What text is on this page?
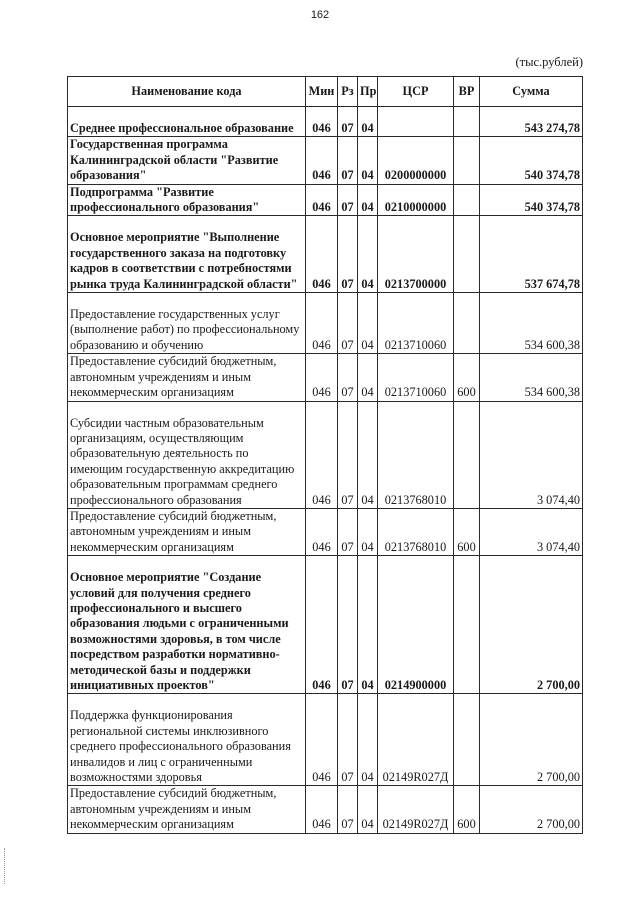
162
(тыс.рублей)
Наименование кода	Мин	Рз	Пр	ЦСР	ВР	Сумма
Среднее профессиональное образование	046	07	04			543 274,78
Государственная программа Калининградской области "Развитие образования"	046	07	04	0200000000		540 374,78
Подпрограмма "Развитие профессионального образования"	046	07	04	0210000000		540 374,78
Основное мероприятие "Выполнение государственного заказа на подготовку кадров в соответствии с потребностями рынка труда Калининградской области"	046	07	04	0213700000		537 674,78
Предоставление государственных услуг (выполнение работ) по профессиональному образованию и обучению	046	07	04	0213710060		534 600,38
Предоставление субсидий бюджетным, автономным учреждениям и иным некоммерческим организациям	046	07	04	0213710060	600	534 600,38
Субсидии частным образовательным организациям, осуществляющим образовательную деятельность по имеющим государственную аккредитацию образовательным программам среднего профессионального образования	046	07	04	0213768010		3 074,40
Предоставление субсидий бюджетным, автономным учреждениям и иным некоммерческим организациям	046	07	04	0213768010	600	3 074,40
Основное мероприятие "Создание условий для получения среднего профессионального и высшего образования людьми с ограниченными возможностями здоровья, в том числе посредством разработки нормативно-методической базы и поддержки инициативных проектов"	046	07	04	0214900000		2 700,00
Поддержка функционирования региональной системы инклюзивного среднего профессионального образования инвалидов и лиц с ограниченными возможностями здоровья	046	07	04	02149R027Д		2 700,00
Предоставление субсидий бюджетным, автономным учреждениям и иным некоммерческим организациям	046	07	04	02149R027Д	600	2 700,00
